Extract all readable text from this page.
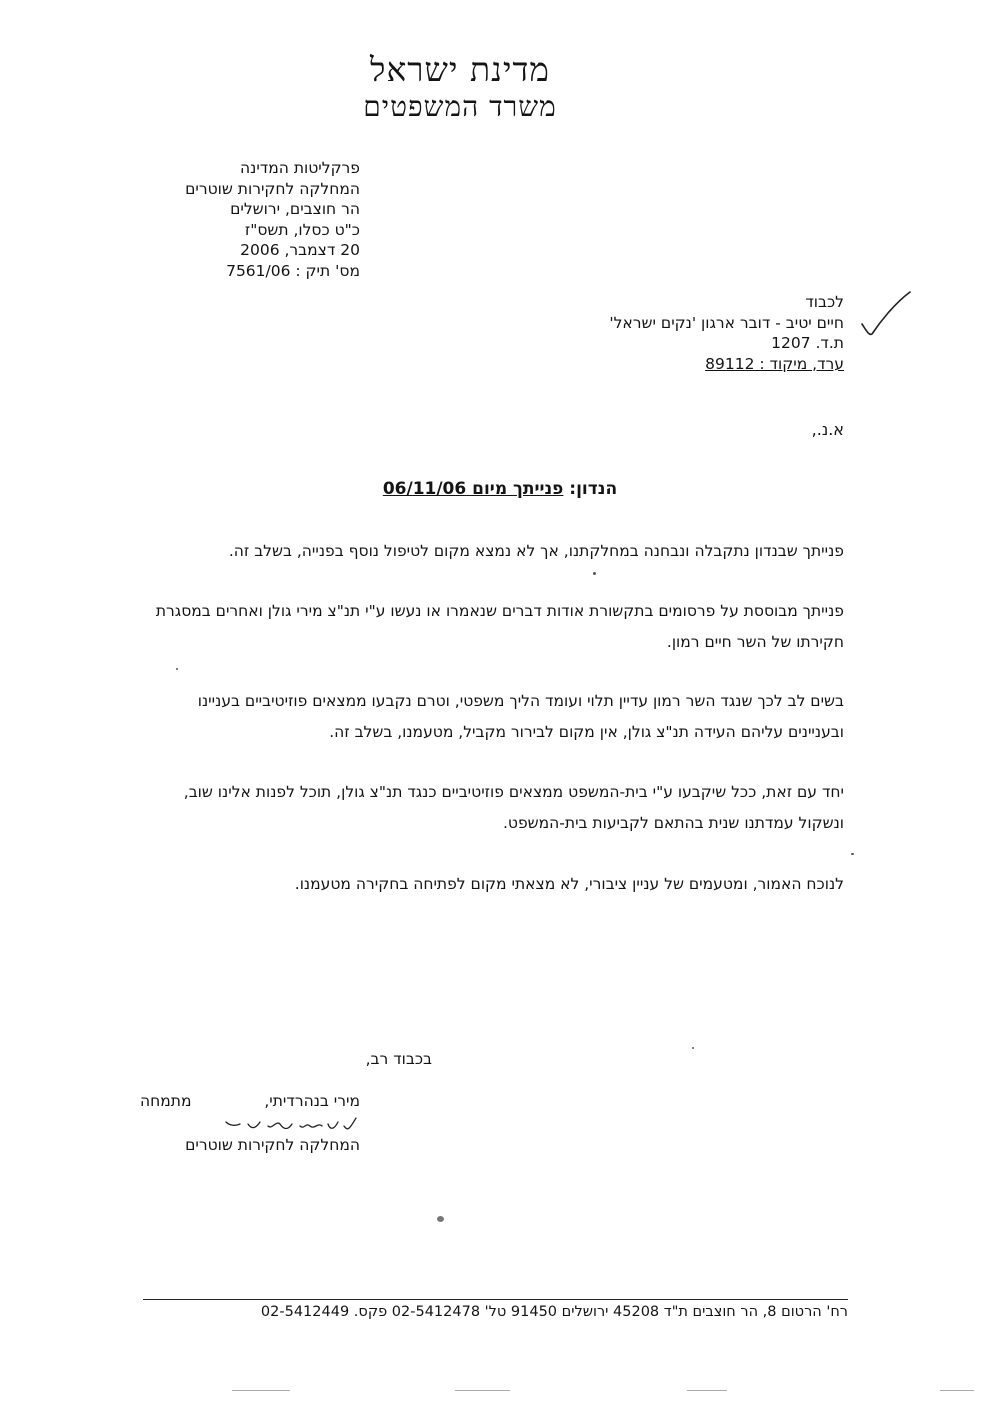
מדינת ישראל
משרד המשפטים
פרקליטות המדינה
המחלקה לחקירות שוטרים
הר חוצבים, ירושלים
כ"ט כסלו, תשס"ז
20 דצמבר, 2006
מס' תיק : 7561/06
לכבוד
חיים יטיב - דובר ארגון 'נקים ישראל'
ת.ד. 1207
ערד, מיקוד : 89112
א.נ.,
הנדון: פנייתך מיום 06/11/06
פנייתך שבנדון נתקבלה ונבחנה במחלקתנו, אך לא נמצא מקום לטיפול נוסף בפנייה, בשלב זה.
פנייתך מבוססת על פרסומים בתקשורת אודות דברים שנאמרו או נעשו ע"י תנ"צ מירי גולן ואחרים במסגרת חקירתו של השר חיים רמון.
בשים לב לכך שנגד השר רמון עדיין תלוי ועומד הליך משפטי, וטרם נקבעו ממצאים פוזיטיביים בעניינו ובעניינים עליהם העידה תנ"צ גולן, אין מקום לבירור מקביל, מטעמנו, בשלב זה.
יחד עם זאת, ככל שיקבעו ע"י בית-המשפט ממצאים פוזיטיביים כנגד תנ"צ גולן, תוכל לפנות אלינו שוב, ונשקול עמדתנו שנית בהתאם לקביעות בית-המשפט.
לנוכח האמור, ומטעמים של עניין ציבורי, לא מצאתי מקום לפתיחה בחקירה מטעמנו.
בכבוד רב,
מירי בנהרדיתי,
מתמחה
המחלקה לחקירות שוטרים
רח' הרטום 8, הר חוצבים ת"ד 45208 ירושלים 91450 טל' 02-5412478 פקס. 02-5412449
